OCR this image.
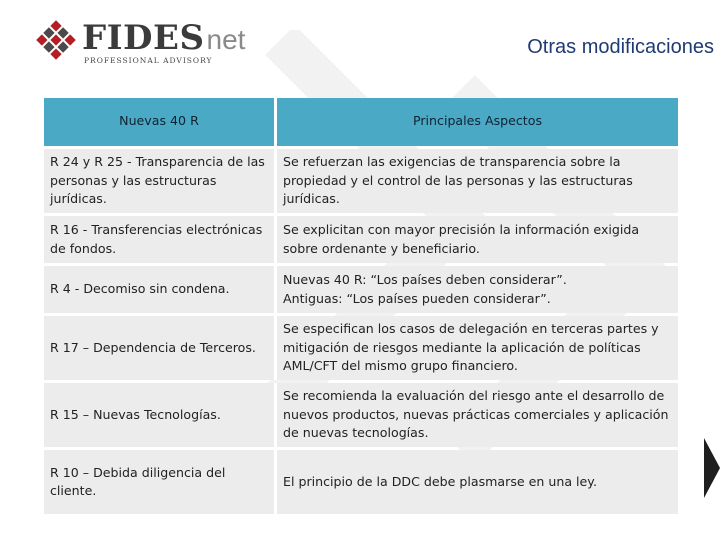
FIDES net
PROFESSIONAL ADVISORY
Otras modificaciones
Nuevas 40 R	Principales Aspectos
R 24 y R 25 - Transparencia de las personas y las estructuras jurídicas.	Se refuerzan las exigencias de transparencia sobre la propiedad y el control de las personas y las estructuras jurídicas.
R 16 - Transferencias electrónicas de fondos.	Se explicitan con mayor precisión la información exigida sobre ordenante y beneficiario.
R 4 - Decomiso sin condena.	Nuevas 40 R: “Los países deben considerar”.
Antiguas: “Los países pueden considerar”.

R 17 – Dependencia de Terceros.	Se especifican los casos de delegación en terceras partes y mitigación de riesgos mediante la aplicación de políticas AML/CFT del mismo grupo financiero.
R 15 – Nuevas Tecnologías.	Se recomienda la evaluación del riesgo ante el desarrollo de nuevos productos, nuevas prácticas comerciales y aplicación de nuevas tecnologías.
R 10 – Debida diligencia del cliente.	El principio de la DDC debe plasmarse en una ley.
